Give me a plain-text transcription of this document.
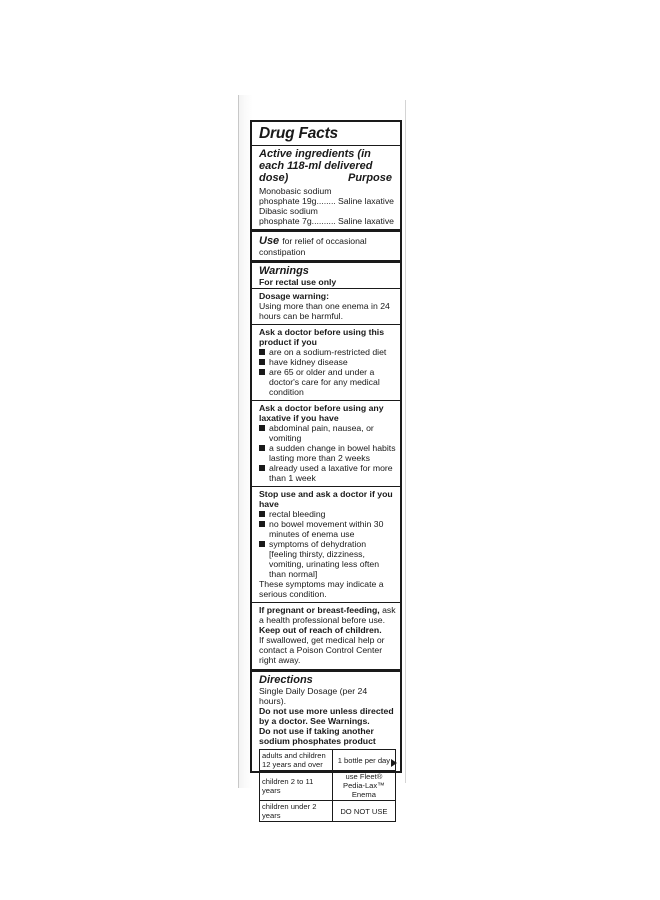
Drug Facts
Active ingredients (in each 118-ml delivered dose)	Purpose
Monobasic sodium
phosphate 19g........ Saline laxative
Dibasic sodium
phosphate 7g.......... Saline laxative
Use for relief of occasional constipation
Warnings
For rectal use only
Dosage warning:
Using more than one enema in 24 hours can be harmful.
Ask a doctor before using this product if you
are on a sodium-restricted diet
have kidney disease
are 65 or older and under a doctor's care for any medical condition
Ask a doctor before using any laxative if you have
abdominal pain, nausea, or vomiting
a sudden change in bowel habits lasting more than 2 weeks
already used a laxative for more than 1 week
Stop use and ask a doctor if you have
rectal bleeding
no bowel movement within 30 minutes of enema use
symptoms of dehydration [feeling thirsty, dizziness, vomiting, urinating less often than normal]
These symptoms may indicate a serious condition.
If pregnant or breast-feeding, ask a health professional before use.
Keep out of reach of children.
If swallowed, get medical help or contact a Poison Control Center right away.
Directions
Single Daily Dosage (per 24 hours).
Do not use more unless directed by a doctor. See Warnings.
Do not use if taking another sodium phosphates product
adults and children 12 years and over	1 bottle per day
children 2 to 11 years	use Fleet® Pedia-Lax™ Enema
children under 2 years	DO NOT USE
